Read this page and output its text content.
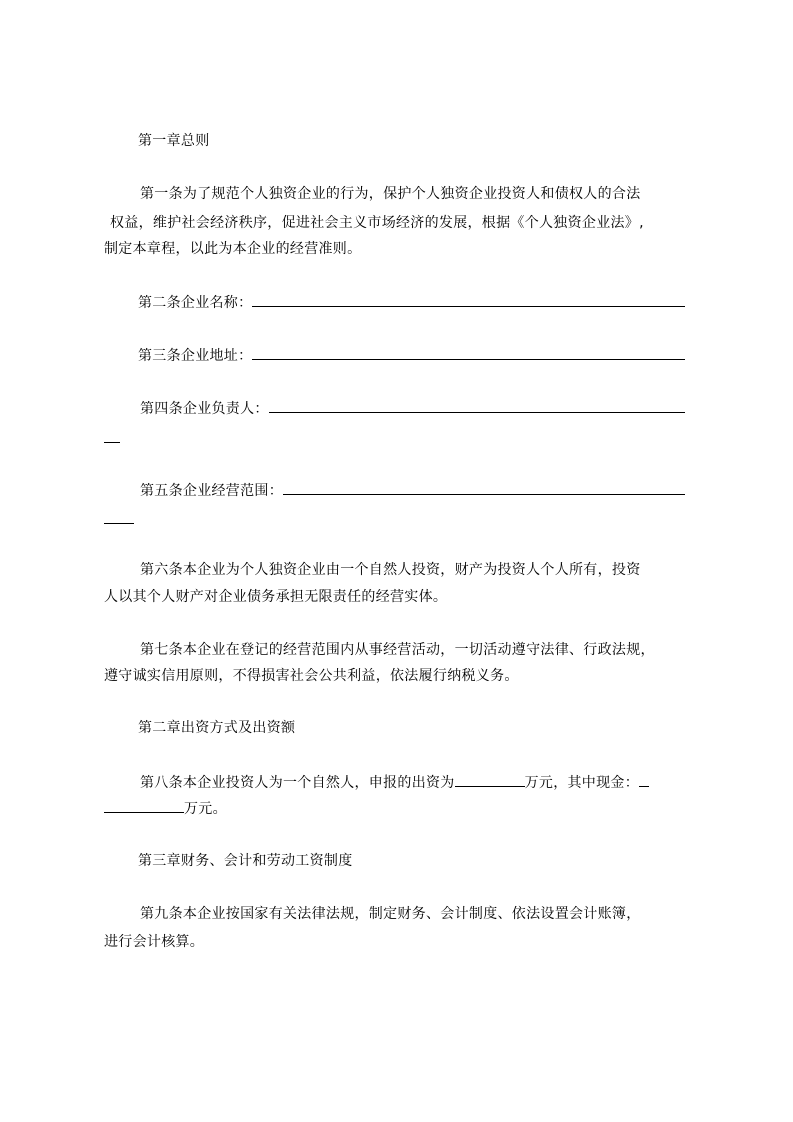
第一章总则
第一条为了规范个人独资企业的行为，保护个人独资企业投资人和债权人的合法
权益，维护社会经济秩序，促进社会主义市场经济的发展，根据《个人独资企业法》,
制定本章程，以此为本企业的经营准则。
第二条企业名称：
第三条企业地址：
第四条企业负责人：
第五条企业经营范围：
第六条本企业为个人独资企业由一个自然人投资，财产为投资人个人所有，投资
人以其个人财产对企业债务承担无限责任的经营实体。
第七条本企业在登记的经营范围内从事经营活动，一切活动遵守法律、行政法规，
遵守诚实信用原则，不得损害社会公共利益，依法履行纳税义务。
第二章出资方式及出资额
第八条本企业投资人为一个自然人，申报的出资为	万元，其中现金：
万元。
第三章财务、会计和劳动工资制度
第九条本企业按国家有关法律法规，制定财务、会计制度、依法设置会计账簿，
进行会计核算。
